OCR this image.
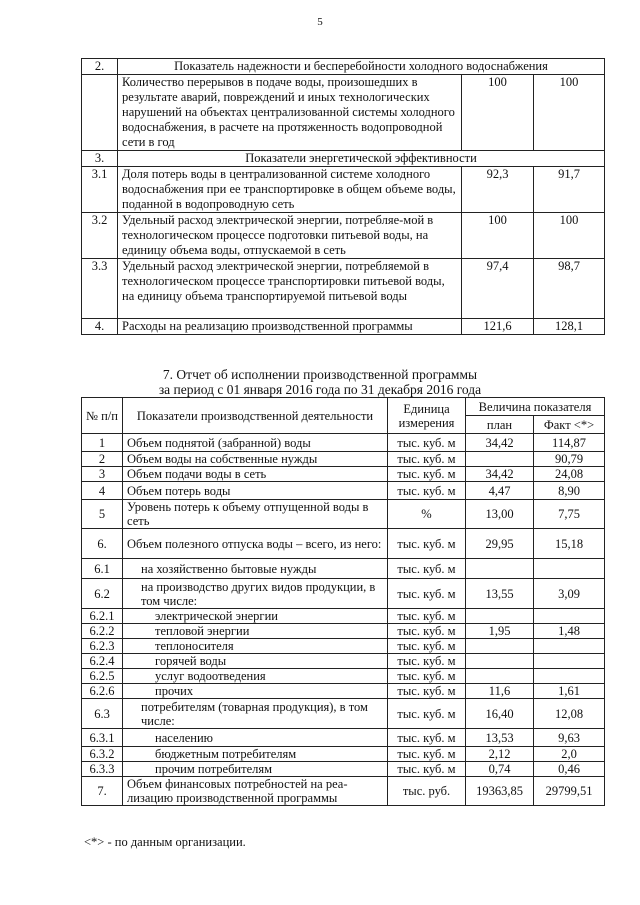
5
2.	Показатель надежности и бесперебойности холодного водоснабжения		
	Количество перерывов в подаче воды, произошедших в результате аварий, повреждений и иных технологических нарушений на объектах централизованной системы холодного водоснабжения, в расчете на протяженность водопроводной сети в год	100	100
3.	Показатели энергетической эффективности		
3.1	Доля потерь воды в централизованной системе холодного водоснабжения при ее транспортировке в общем объеме воды, поданной в водопроводную сеть	92,3	91,7
3.2	Удельный расход электрической энергии, потребляе-мой в технологическом процессе подготовки питьевой воды, на единицу объема воды, отпускаемой в сеть	100	100
3.3	Удельный расход электрической энергии, потребляемой в технологическом процессе транспортировки питьевой воды, на единицу объема транспортируемой питьевой воды	97,4	98,7
4.	Расходы на реализацию производственной программы	121,6	128,1
7. Отчет об исполнении производственной программы
за период с 01 января 2016 года по 31 декабря 2016 года
№ п/п	Показатели производственной деятельности	Единица измерения	Величина показателя	
			план	Факт <*>
1	Объем поднятой (забранной) воды	тыс. куб. м	34,42	114,87
2	Объем воды на собственные нужды	тыс. куб. м		90,79
3	Объем подачи воды в сеть	тыс. куб. м	34,42	24,08
4	Объем потерь воды	тыс. куб. м	4,47	8,90
5	Уровень потерь к объему отпущенной воды в сеть	%	13,00	7,75
6.	Объем полезного отпуска воды – всего, из него:	тыс. куб. м	29,95	15,18
6.1	на хозяйственно бытовые нужды	тыс. куб. м		
6.2	на производство других видов продукции, в том числе:	тыс. куб. м	13,55	3,09
6.2.1	электрической энергии	тыс. куб. м		
6.2.2	тепловой энергии	тыс. куб. м	1,95	1,48
6.2.3	теплоносителя	тыс. куб. м		
6.2.4	горячей воды	тыс. куб. м		
6.2.5	услуг водоотведения	тыс. куб. м		
6.2.6	прочих	тыс. куб. м	11,6	1,61
6.3	потребителям (товарная продукция), в том числе:	тыс. куб. м	16,40	12,08
6.3.1	населению	тыс. куб. м	13,53	9,63
6.3.2	бюджетным потребителям	тыс. куб. м	2,12	2,0
6.3.3	прочим потребителям	тыс. куб. м	0,74	0,46
7.	Объем финансовых потребностей на реа-лизацию производственной программы	тыс. руб.	19363,85	29799,51
<*> - по данным организации.
